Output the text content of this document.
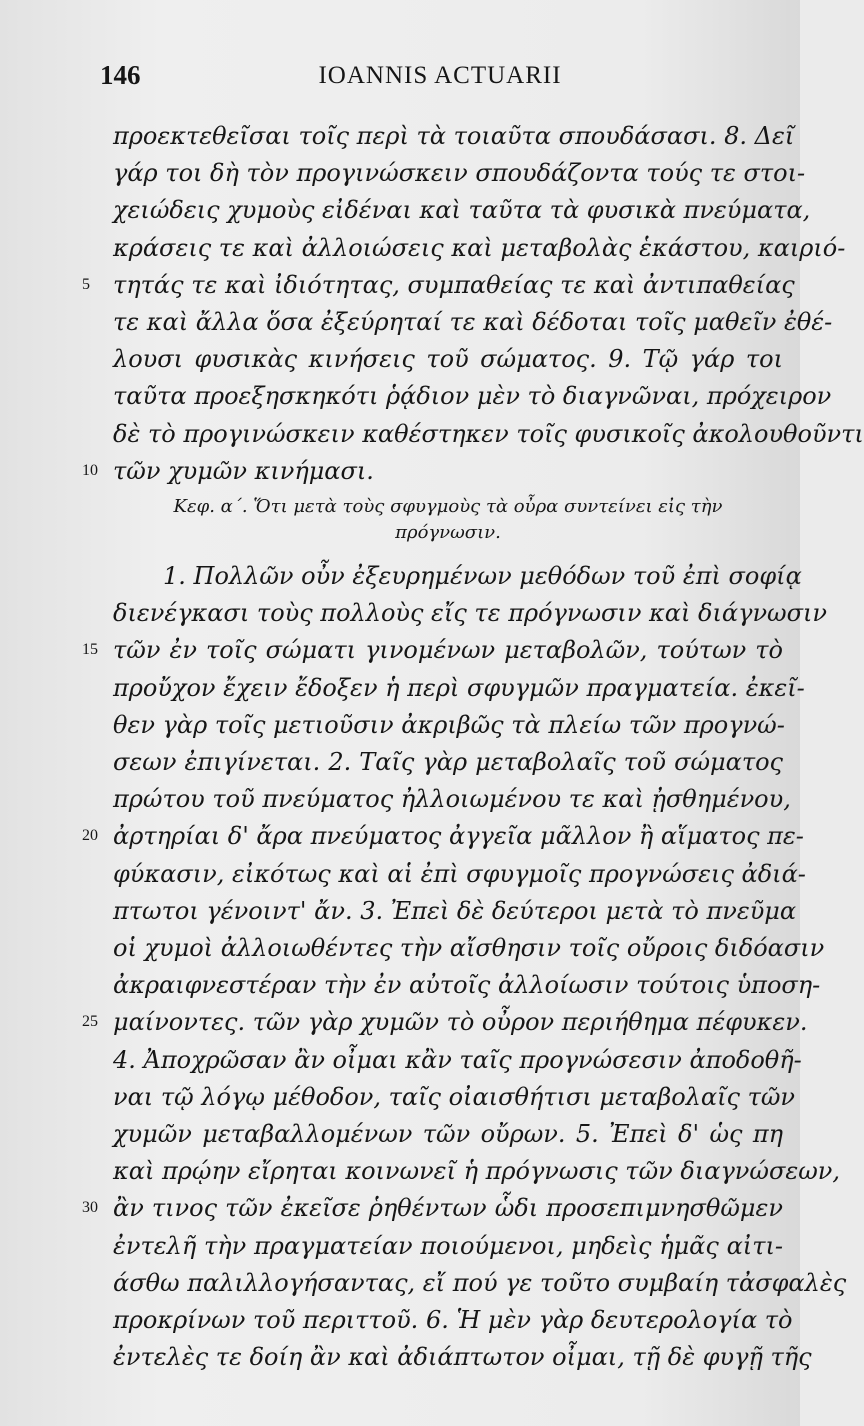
146	IOANNIS ACTUARII
προεκτεθεῖσαι τοῖς περὶ τὰ τοιαῦτα σπουδάσασι. 8. Δεῖ
γάρ τοι δὴ τὸν προγινώσκειν σπουδάζοντα τούς τε στοι-
χειώδεις χυμοὺς εἰδέναι καὶ ταῦτα τὰ φυσικὰ πνεύματα,
κράσεις τε καὶ ἀλλοιώσεις καὶ μεταβολὰς ἑκάστου, καιριό-
5 τητάς τε καὶ ἰδιότητας, συμπαθείας τε καὶ ἀντιπαθείας
τε καὶ ἄλλα ὅσα ἐξεύρηταί τε καὶ δέδοται τοῖς μαθεῖν ἐθέ-
λουσι φυσικὰς κινήσεις τοῦ σώματος. 9. Τῷ γάρ τοι
ταῦτα προεξησκηκότι ῥᾴδιον μὲν τὸ διαγνῶναι, πρόχειρον
δὲ τὸ προγινώσκειν καθέστηκεν τοῖς φυσικοῖς ἀκολουθοῦντι
10 τῶν χυμῶν κινήμασι.
Κεφ. α΄. Ὅτι μετὰ τοὺς σφυγμοὺς τὰ οὖρα συντείνει εἰς τὴν
πρόγνωσιν.
1. Πολλῶν οὖν ἐξευρημένων μεθόδων τοῦ ἐπὶ σοφίᾳ
διενέγκασι τοὺς πολλοὺς εἴς τε πρόγνωσιν καὶ διάγνωσιν
15 τῶν ἐν τοῖς σώματι γινομένων μεταβολῶν, τούτων τὸ
προὔχον ἔχειν ἔδοξεν ἡ περὶ σφυγμῶν πραγματεία. ἐκεῖ-
θεν γὰρ τοῖς μετιοῦσιν ἀκριβῶς τὰ πλείω τῶν προγνώ-
σεων ἐπιγίνεται. 2. Ταῖς γὰρ μεταβολαῖς τοῦ σώματος
πρώτου τοῦ πνεύματος ἠλλοιωμένου τε καὶ ᾐσθημένου,
20 ἀρτηρίαι δ' ἄρα πνεύματος ἀγγεῖα μᾶλλον ἢ αἵματος πε-
φύκασιν, εἰκότως καὶ αἱ ἐπὶ σφυγμοῖς προγνώσεις ἀδιά-
πτωτοι γένοιντ' ἄν. 3. Ἐπεὶ δὲ δεύτεροι μετὰ τὸ πνεῦμα
οἱ χυμοὶ ἀλλοιωθέντες τὴν αἴσθησιν τοῖς οὔροις διδόασιν
ἀκραιφνεστέραν τὴν ἐν αὐτοῖς ἀλλοίωσιν τούτοις ὑποση-
25 μαίνοντες. τῶν γὰρ χυμῶν τὸ οὖρον περιήθημα πέφυκεν.
4. Ἀποχρῶσαν ἂν οἶμαι κἂν ταῖς προγνώσεσιν ἀποδοθῆ-
ναι τῷ λόγῳ μέθοδον, ταῖς οἰαισθήτισι μεταβολαῖς τῶν
χυμῶν μεταβαλλομένων τῶν οὔρων. 5. Ἐπεὶ δ' ὡς πη
καὶ πρῴην εἴρηται κοινωνεῖ ἡ πρόγνωσις τῶν διαγνώσεων,
30 ἂν τινος τῶν ἐκεῖσε ῥηθέντων ὧδι προσεπιμνησθῶμεν
ἐντελῆ τὴν πραγματείαν ποιούμενοι, μηδεὶς ἡμᾶς αἰτι-
άσθω παλιλλογήσαντας, εἴ πού γε τοῦτο συμβαίη τἀσφαλὲς
προκρίνων τοῦ περιττοῦ. 6. Ἡ μὲν γὰρ δευτερολογία τὸ
ἐντελὲς τε δοίη ἂν καὶ ἀδιάπτωτον οἶμαι, τῇ δὲ φυγῇ τῆς
